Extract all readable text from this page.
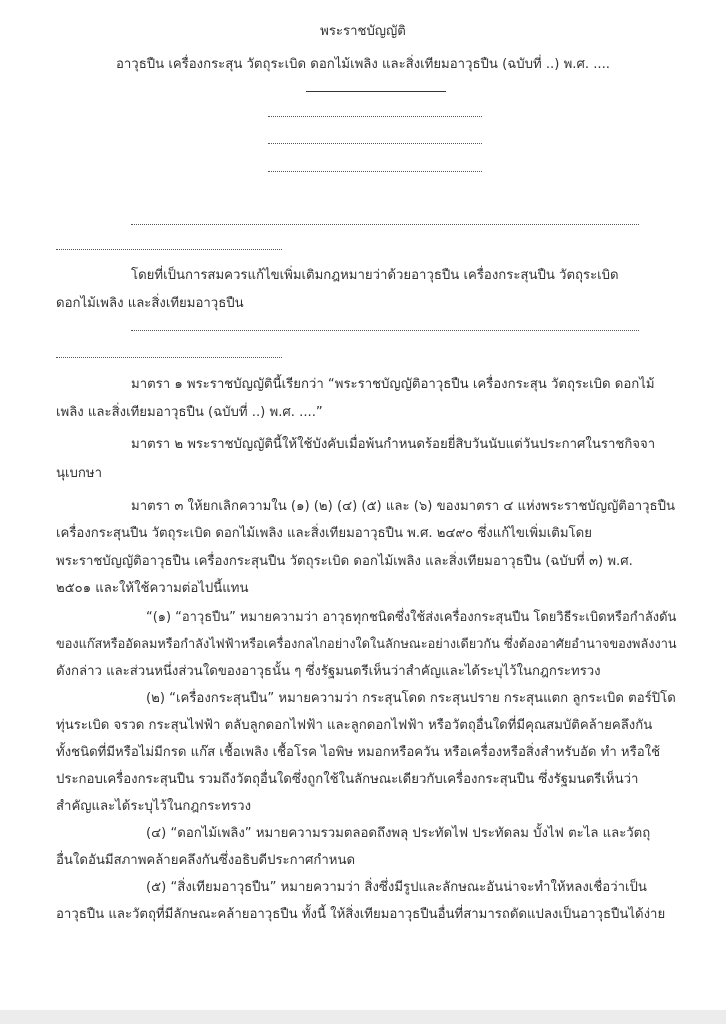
พระราชบัญญัติ
อาวุธปืน เครื่องกระสุน วัตถุระเบิด ดอกไม้เพลิง และสิ่งเทียมอาวุธปืน (ฉบับที่ ..) พ.ศ. ....
โดยที่เป็นการสมควรแก้ไขเพิ่มเติมกฎหมายว่าด้วยอาวุธปืน เครื่องกระสุนปืน วัตถุระเบิด
ดอกไม้เพลิง และสิ่งเทียมอาวุธปืน
มาตรา ๑ พระราชบัญญัตินี้เรียกว่า “พระราชบัญญัติอาวุธปืน เครื่องกระสุน วัตถุระเบิด ดอกไม้
เพลิง และสิ่งเทียมอาวุธปืน (ฉบับที่ ..) พ.ศ. ....”
มาตรา ๒ พระราชบัญญัตินี้ให้ใช้บังคับเมื่อพ้นกำหนดร้อยยี่สิบวันนับแต่วันประกาศในราชกิจจา
นุเบกษา
มาตรา ๓ ให้ยกเลิกความใน (๑) (๒) (๔) (๕) และ (๖) ของมาตรา ๔ แห่งพระราชบัญญัติอาวุธปืน
เครื่องกระสุนปืน วัตถุระเบิด ดอกไม้เพลิง และสิ่งเทียมอาวุธปืน พ.ศ. ๒๔๙๐ ซึ่งแก้ไขเพิ่มเติมโดย
พระราชบัญญัติอาวุธปืน เครื่องกระสุนปืน วัตถุระเบิด ดอกไม้เพลิง และสิ่งเทียมอาวุธปืน (ฉบับที่ ๓) พ.ศ.
๒๕๐๑ และให้ใช้ความต่อไปนี้แทน
“(๑) “อาวุธปืน” หมายความว่า อาวุธทุกชนิดซึ่งใช้ส่งเครื่องกระสุนปืน โดยวิธีระเบิดหรือกำลังดัน
ของแก๊สหรืออัดลมหรือกำลังไฟฟ้าหรือเครื่องกลไกอย่างใดในลักษณะอย่างเดียวกัน ซึ่งต้องอาศัยอำนาจของพลังงาน
ดังกล่าว และส่วนหนึ่งส่วนใดของอาวุธนั้น ๆ ซึ่งรัฐมนตรีเห็นว่าสำคัญและได้ระบุไว้ในกฎกระทรวง
(๒) “เครื่องกระสุนปืน” หมายความว่า กระสุนโดด กระสุนปราย กระสุนแตก ลูกระเบิด ตอร์ปิโด
ทุ่นระเบิด จรวด กระสุนไฟฟ้า ตลับลูกดอกไฟฟ้า และลูกดอกไฟฟ้า หรือวัตถุอื่นใดที่มีคุณสมบัติคล้ายคลึงกัน
ทั้งชนิดที่มีหรือไม่มีกรด แก๊ส เชื้อเพลิง เชื้อโรค ไอพิษ หมอกหรือควัน หรือเครื่องหรือสิ่งสำหรับอัด ทำ หรือใช้
ประกอบเครื่องกระสุนปืน รวมถึงวัตถุอื่นใดซึ่งถูกใช้ในลักษณะเดียวกับเครื่องกระสุนปืน ซึ่งรัฐมนตรีเห็นว่า
สำคัญและได้ระบุไว้ในกฎกระทรวง
(๔) “ดอกไม้เพลิง” หมายความรวมตลอดถึงพลุ ประทัดไฟ ประทัดลม บั้งไฟ ตะไล และวัตถุ
อื่นใดอันมีสภาพคล้ายคลึงกันซึ่งอธิบดีประกาศกำหนด
(๕) “สิ่งเทียมอาวุธปืน” หมายความว่า สิ่งซึ่งมีรูปและลักษณะอันน่าจะทำให้หลงเชื่อว่าเป็น
อาวุธปืน และวัตถุที่มีลักษณะคล้ายอาวุธปืน ทั้งนี้ ให้สิ่งเทียมอาวุธปืนอื่นที่สามารถดัดแปลงเป็นอาวุธปืนได้ง่าย
